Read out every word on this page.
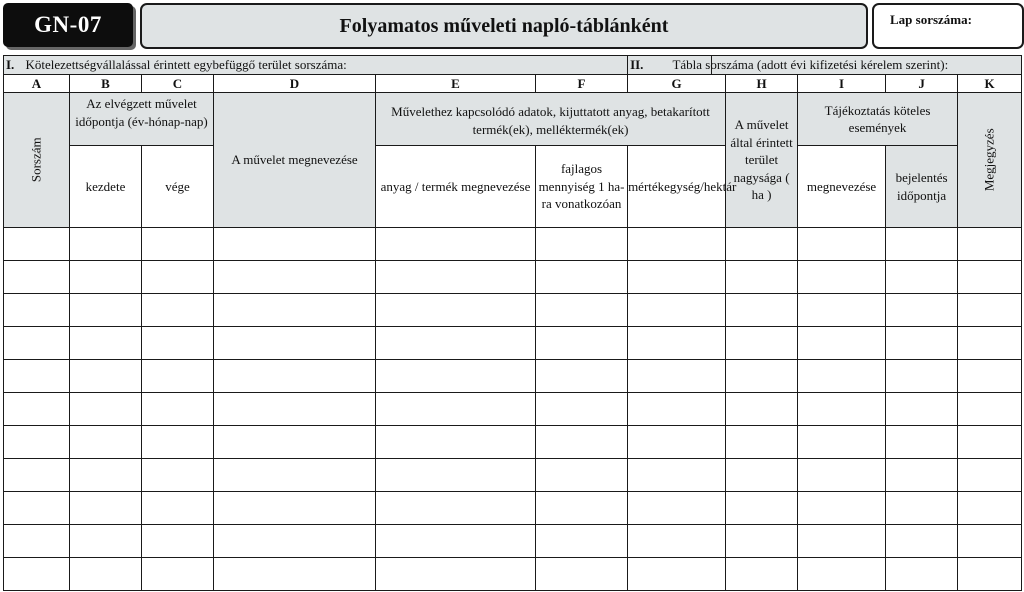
GN-07	Folyamatos műveleti napló-táblánként	Lap sorszáma:
I.	Kötelezettségvállalással érintett egybefüggő terület sorszáma:					II. Tábla sorszáma (adott évi kifizetési kérelem szerint):				
A	B	C	D	E	F	G	H	I	J	K
Sorszám	Az elvégzett művelet időpontja (év-hónap-nap)		A művelet megnevezése	Művelethez kapcsolódó adatok, kijuttatott anyag, betakarított termék(ek), melléktermék(ek)			A művelet által érintett terület nagysága ( ha )	Tájékoztatás köteles események		Megjegyzés
	kezdete	vége		anyag / termék megnevezése	fajlagos mennyiség 1 ha-ra vonatkozóan	mértékegység/hektár		megnevezése	bejelentés időpontja	
